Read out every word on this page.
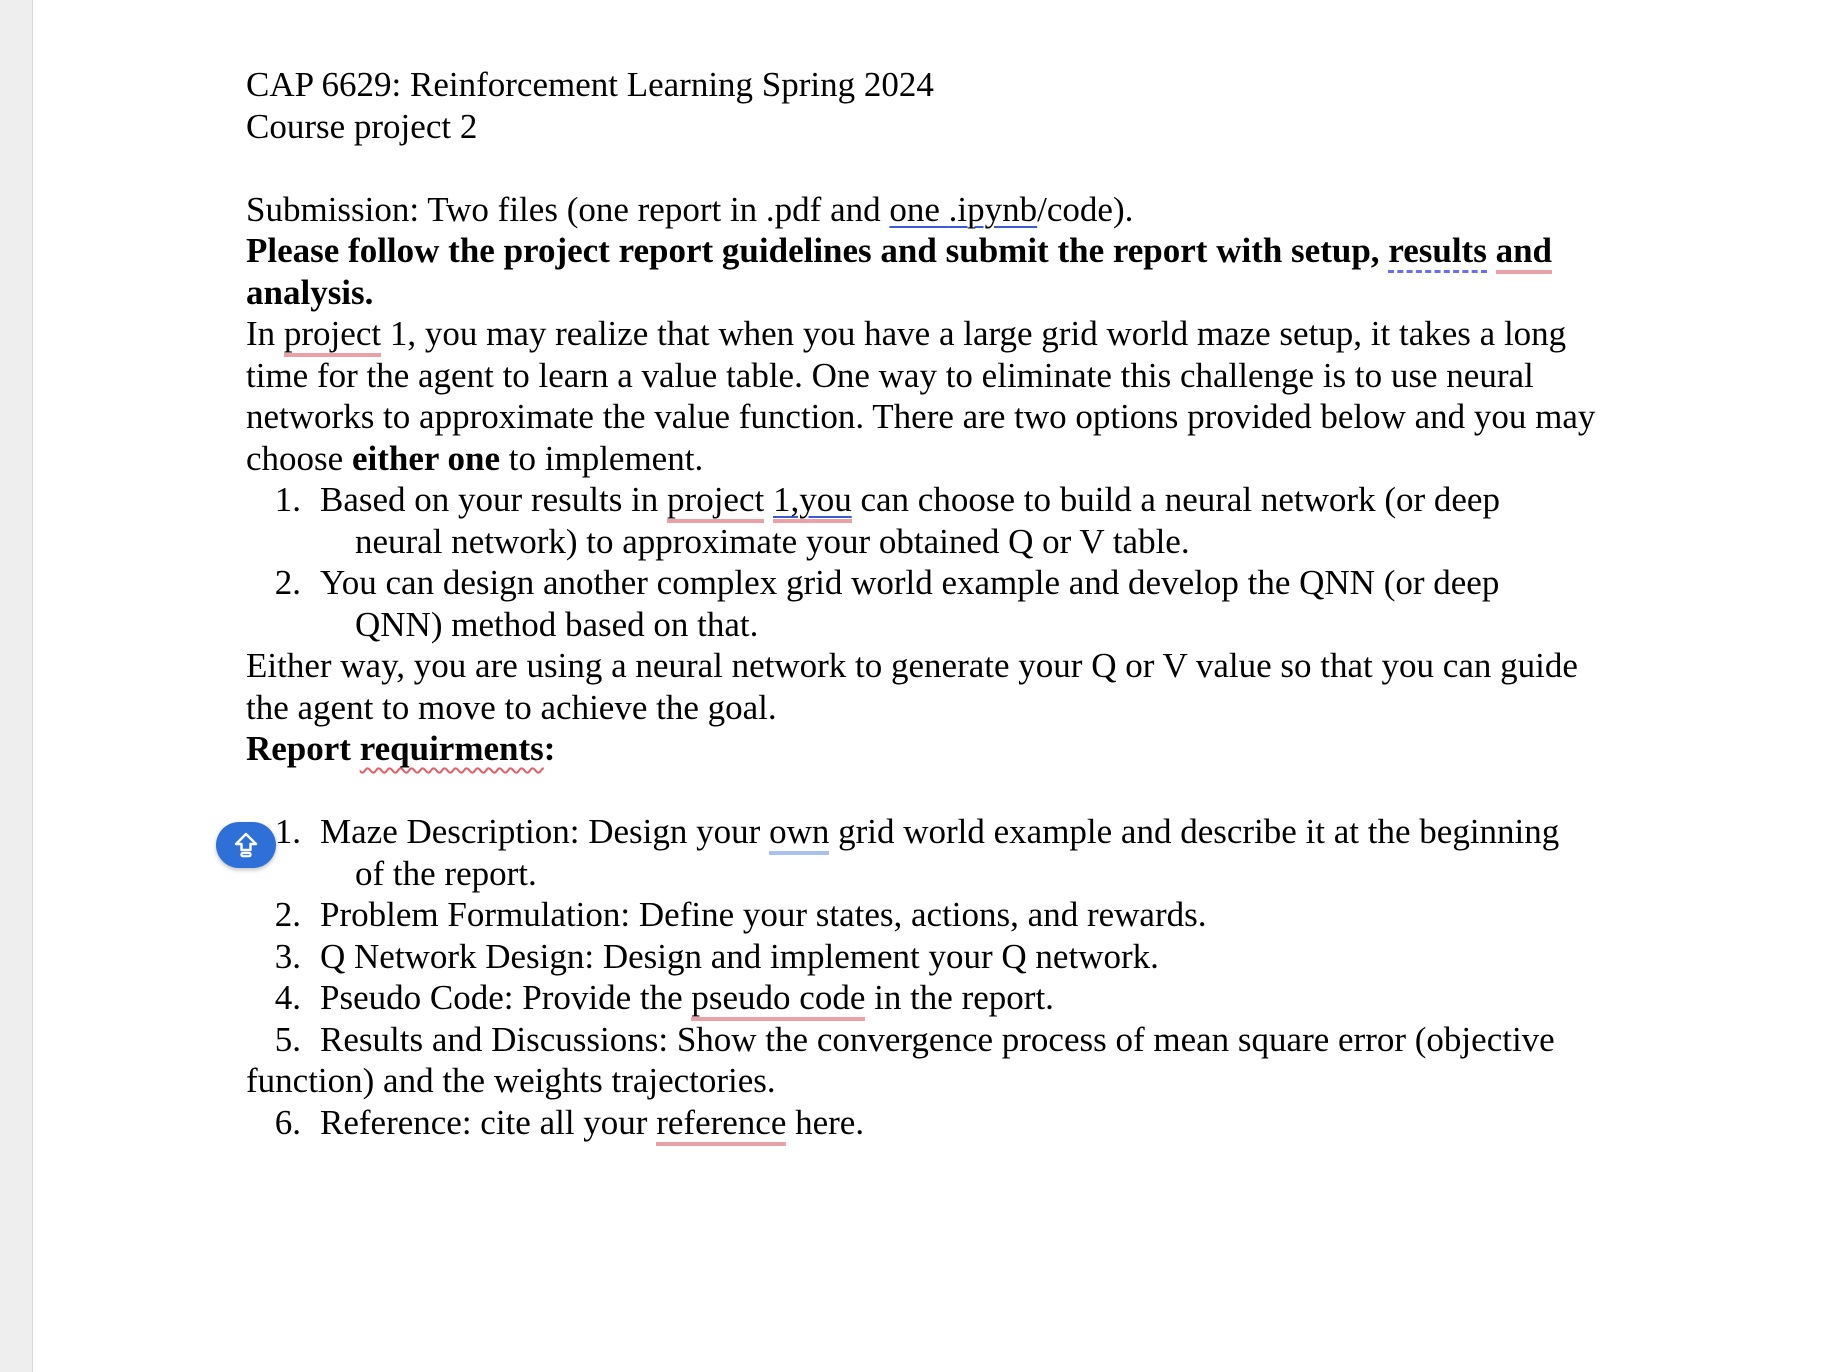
CAP 6629: Reinforcement Learning Spring 2024

Course project 2

Submission: Two files (one report in .pdf and one .ipynb/code).

Please follow the project report guidelines and submit the report with setup, results and

analysis.

In project 1, you may realize that when you have a large grid world maze setup, it takes a long

time for the agent to learn a value table. One way to eliminate this challenge is to use neural

networks to approximate the value function. There are two options provided below and you may

choose either one to implement.

1. Based on your results in project 1,you can choose to build a neural network (or deep

neural network) to approximate your obtained Q or V table.

2. You can design another complex grid world example and develop the QNN (or deep

QNN) method based on that.

Either way, you are using a neural network to generate your Q or V value so that you can guide

the agent to move to achieve the goal.

Report requirments:

1. Maze Description: Design your own grid world example and describe it at the beginning

of the report.

2. Problem Formulation: Define your states, actions, and rewards.
3. Q Network Design: Design and implement your Q network.
4. Pseudo Code: Provide the pseudo code in the report.
5. Results and Discussions: Show the convergence process of mean square error (objective

function) and the weights trajectories.

6. Reference: cite all your reference here.
